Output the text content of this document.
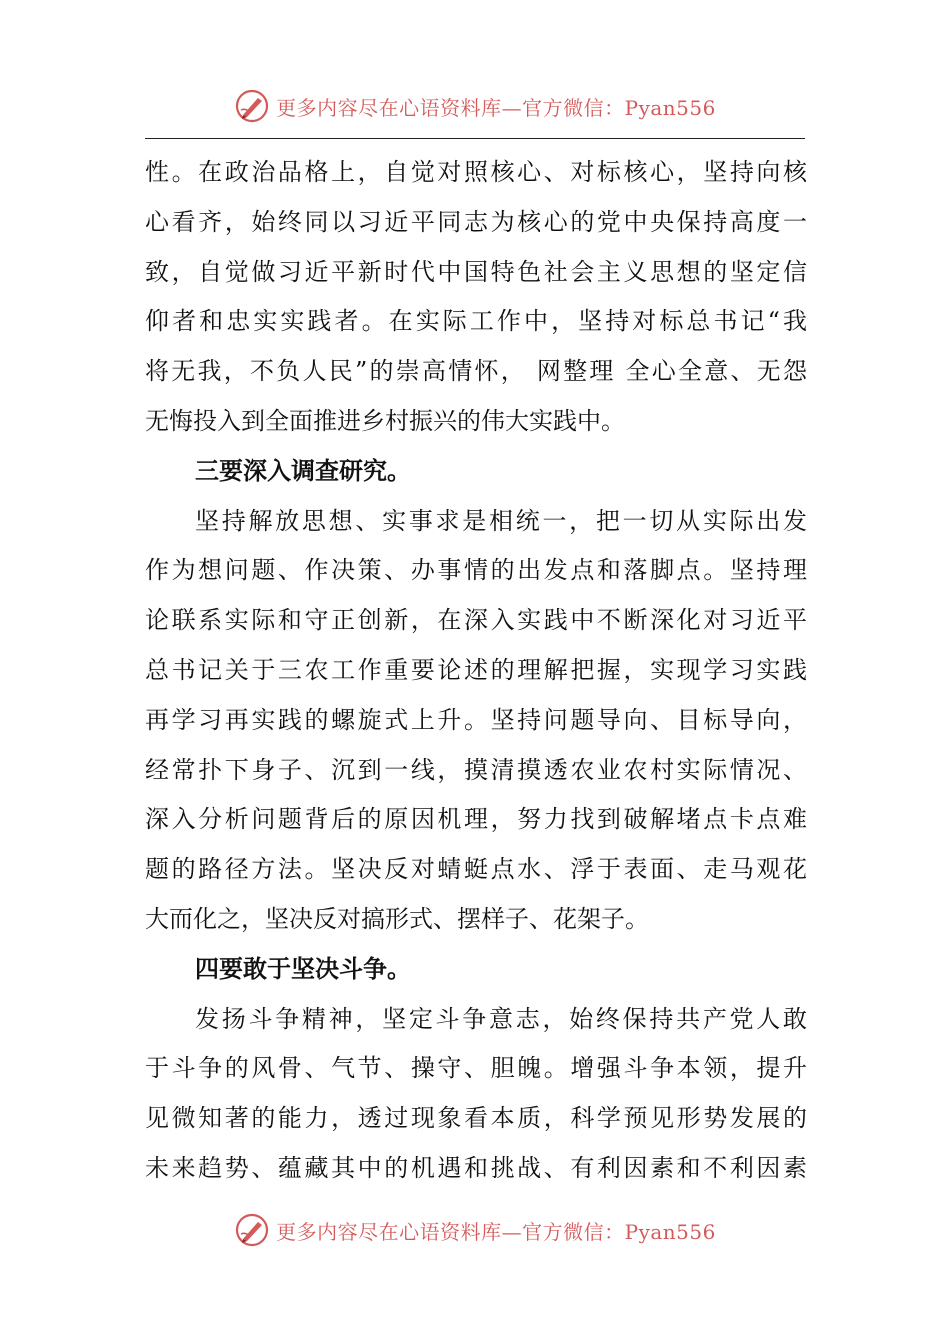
更多内容尽在心语资料库—官方微信：Pyan556
性。在政治品格上，自觉对照核心、对标核心，坚持向核
心看齐，始终同以习近平同志为核心的党中央保持高度一
致，自觉做习近平新时代中国特色社会主义思想的坚定信
仰者和忠实实践者。在实际工作中，坚持对标总书记“我
将无我，不负人民”的崇高情怀， 网整理 全心全意、无怨
无悔投入到全面推进乡村振兴的伟大实践中。
三要深入调查研究。
坚持解放思想、实事求是相统一，把一切从实际出发
作为想问题、作决策、办事情的出发点和落脚点。坚持理
论联系实际和守正创新，在深入实践中不断深化对习近平
总书记关于三农工作重要论述的理解把握，实现学习实践
再学习再实践的螺旋式上升。坚持问题导向、目标导向，
经常扑下身子、沉到一线，摸清摸透农业农村实际情况、
深入分析问题背后的原因机理，努力找到破解堵点卡点难
题的路径方法。坚决反对蜻蜓点水、浮于表面、走马观花
大而化之，坚决反对搞形式、摆样子、花架子。
四要敢于坚决斗争。
发扬斗争精神，坚定斗争意志，始终保持共产党人敢
于斗争的风骨、气节、操守、胆魄。增强斗争本领，提升
见微知著的能力，透过现象看本质，科学预见形势发展的
未来趋势、蕴藏其中的机遇和挑战、有利因素和不利因素
更多内容尽在心语资料库—官方微信：Pyan556
